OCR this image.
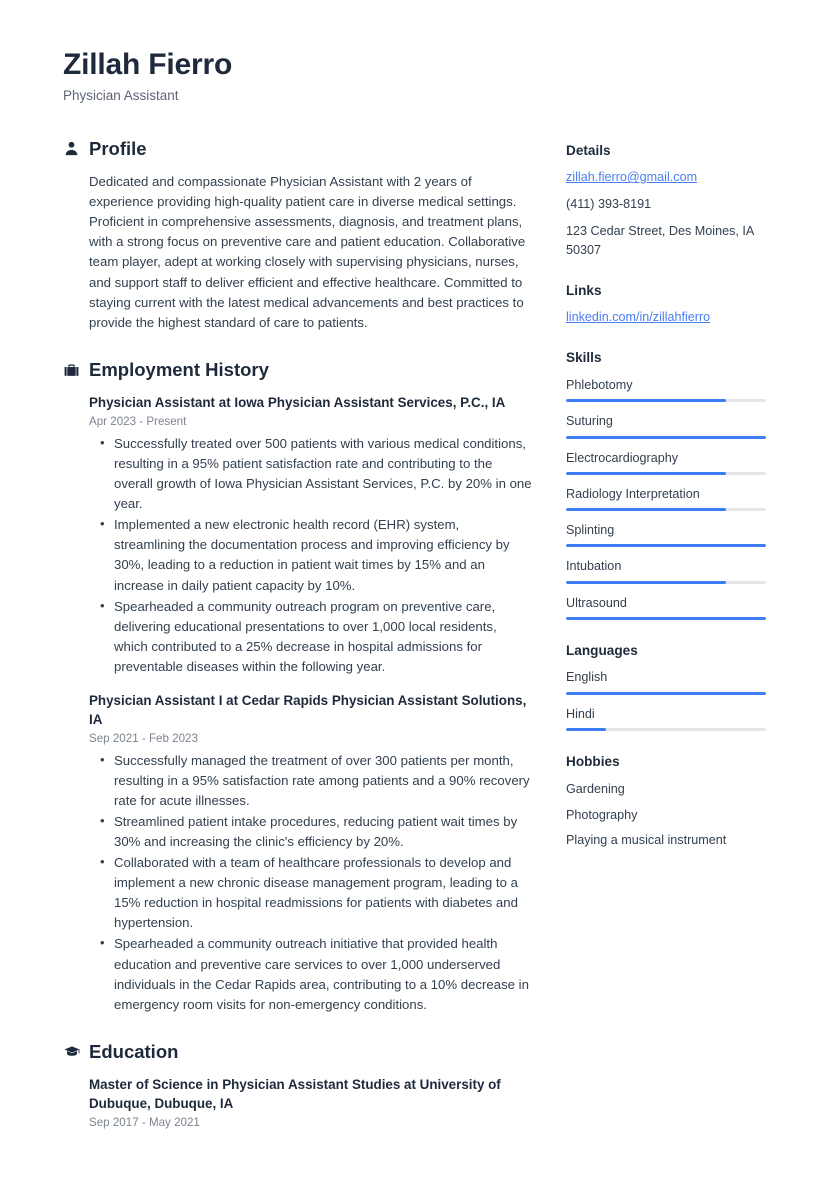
Zillah Fierro
Physician Assistant
Profile
Dedicated and compassionate Physician Assistant with 2 years of experience providing high-quality patient care in diverse medical settings. Proficient in comprehensive assessments, diagnosis, and treatment plans, with a strong focus on preventive care and patient education. Collaborative team player, adept at working closely with supervising physicians, nurses, and support staff to deliver efficient and effective healthcare. Committed to staying current with the latest medical advancements and best practices to provide the highest standard of care to patients.
Employment History
Physician Assistant at Iowa Physician Assistant Services, P.C., IA
Apr 2023 - Present
• Successfully treated over 500 patients with various medical conditions, resulting in a 95% patient satisfaction rate and contributing to the overall growth of Iowa Physician Assistant Services, P.C. by 20% in one year.
• Implemented a new electronic health record (EHR) system, streamlining the documentation process and improving efficiency by 30%, leading to a reduction in patient wait times by 15% and an increase in daily patient capacity by 10%.
• Spearheaded a community outreach program on preventive care, delivering educational presentations to over 1,000 local residents, which contributed to a 25% decrease in hospital admissions for preventable diseases within the following year.
Physician Assistant I at Cedar Rapids Physician Assistant Solutions, IA
Sep 2021 - Feb 2023
• Successfully managed the treatment of over 300 patients per month, resulting in a 95% satisfaction rate among patients and a 90% recovery rate for acute illnesses.
• Streamlined patient intake procedures, reducing patient wait times by 30% and increasing the clinic's efficiency by 20%.
• Collaborated with a team of healthcare professionals to develop and implement a new chronic disease management program, leading to a 15% reduction in hospital readmissions for patients with diabetes and hypertension.
• Spearheaded a community outreach initiative that provided health education and preventive care services to over 1,000 underserved individuals in the Cedar Rapids area, contributing to a 10% decrease in emergency room visits for non-emergency conditions.
Education
Master of Science in Physician Assistant Studies at University of Dubuque, Dubuque, IA
Sep 2017 - May 2021
Details
zillah.fierro@gmail.com
(411) 393-8191
123 Cedar Street, Des Moines, IA 50307
Links
linkedin.com/in/zillahfierro
Skills
Phlebotomy
Suturing
Electrocardiography
Radiology Interpretation
Splinting
Intubation
Ultrasound
Languages
English
Hindi
Hobbies
Gardening
Photography
Playing a musical instrument
